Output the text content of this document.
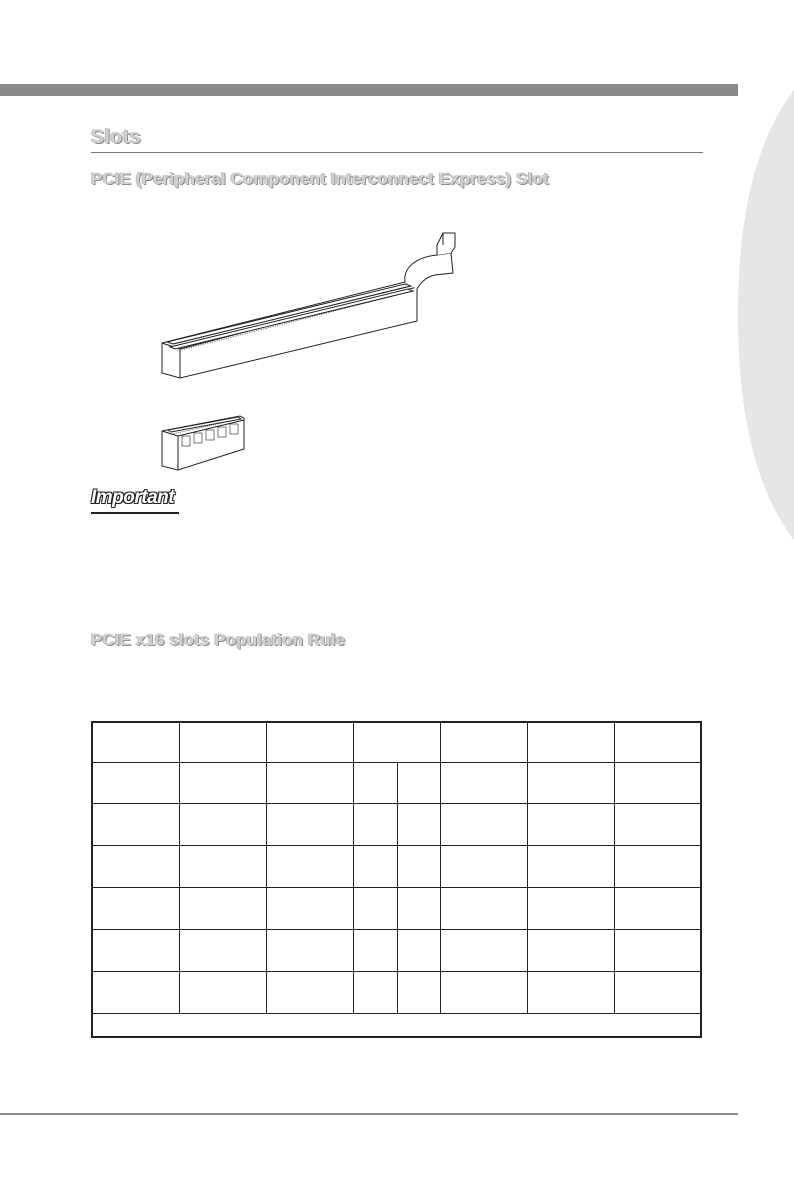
Slots
PCIE (Peripheral Component Interconnect Express) Slot
Important
PCIE x16 slots Population Rule
